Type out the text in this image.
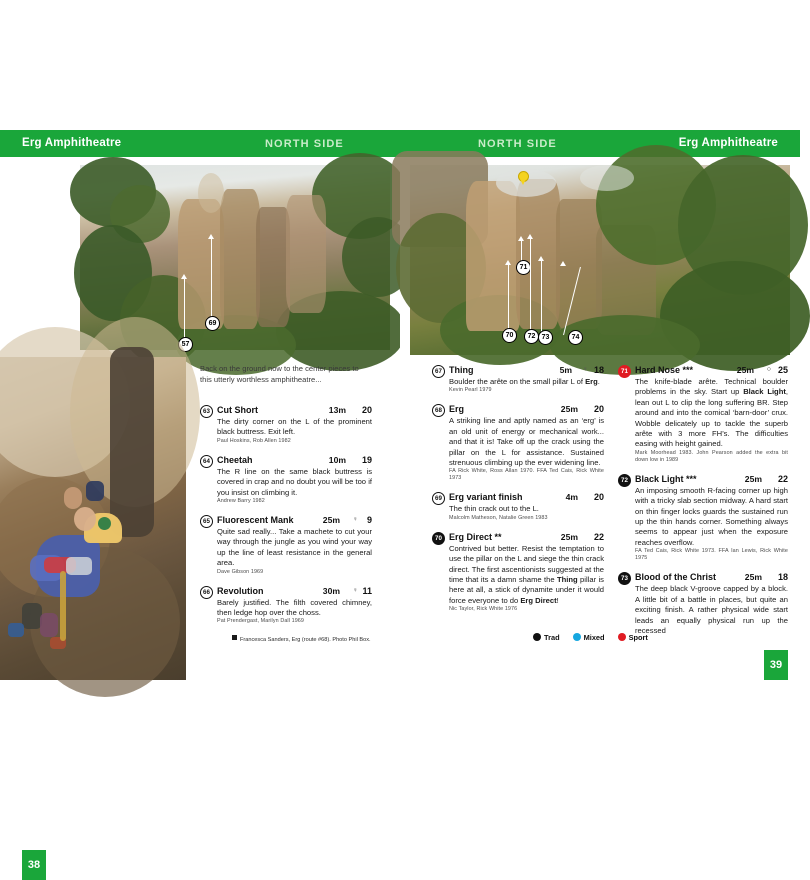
Erg Amphitheatre	NORTH SIDE	NORTH SIDE	Erg Amphitheatre
57
69
38
Back on the ground now to the center pieces to this utterly worthless amphitheatre...
63 Cut Short	13m 20
The dirty corner on the L of the prominent black buttress. Exit left.
Paul Hoskins, Rob Allen 1982
64 Cheetah	10m 19
The R line on the same black buttress is covered in crap and no doubt you will be too if you insist on climbing it.
Andrew Barry 1982
65 Fluorescent Mank	25m ♀ 9
Quite sad really... Take a machete to cut your way through the jungle as you wind your way up the line of least resistance in the general area.
Dave Gibson 1969
66 Revolution	30m ♀ 11
Barely justified. The filth covered chimney, then ledge hop over the choss.
Pat Prendergast, Marilyn Dall 1969
Francesca Sanders, Erg (route #68). Photo Phil Box.
70
71
72 73	74
67 Thing	5m ♀ 18
Boulder the arête on the small pillar L of Erg.
Kevin Pearl 1979
68 Erg	25m 20
A striking line and aptly named as an ‘erg’ is an old unit of energy or mechanical work... and that it is! Take off up the crack using the pillar on the L for assistance. Sustained strenuous climbing up the ever widening line.
FA Rick White, Ross Allan 1970. FFA Ted Cais, Rick White 1973
69 Erg variant finish	4m 20
The thin crack out to the L.
Malcolm Matheson, Natalie Green 1983
70 Erg Direct **	25m 22
Contrived but better. Resist the temptation to use the pillar on the L and siege the thin crack direct. The first ascentionists suggested at the time that its a damn shame the Thing pillar is here at all, a stick of dynamite under it would force everyone to do Erg Direct!
Nic Taylor, Rick White 1976
71 Hard Nose ***	25m ○ 25
The knife-blade arête. Technical boulder problems in the sky. Start up Black Light, lean out L to clip the long suffering BR. Step around and into the comical ‘barn-door’ crux. Wobble delicately up to tackle the superb arête with 3 more FH’s. The difficulties easing with height gained.
Mark Moorhead 1983. John Pearson added the extra bit down low in 1989
72 Black Light ***	25m 22
An imposing smooth R-facing corner up high with a tricky slab section midway. A hard start on thin finger locks guards the sustained run up the thin hands corner. Something always seems to appear just when the exposure reaches overflow.
FA Ted Cais, Rick White 1973. FFA Ian Lewis, Rick White 1975
73 Blood of the Christ	25m 18
The deep black V-groove capped by a block. A little bit of a battle in places, but quite an exciting finish. A rather physical wide start leads an equally physical run up the recessed
Trad	Mixed	Sport
39
